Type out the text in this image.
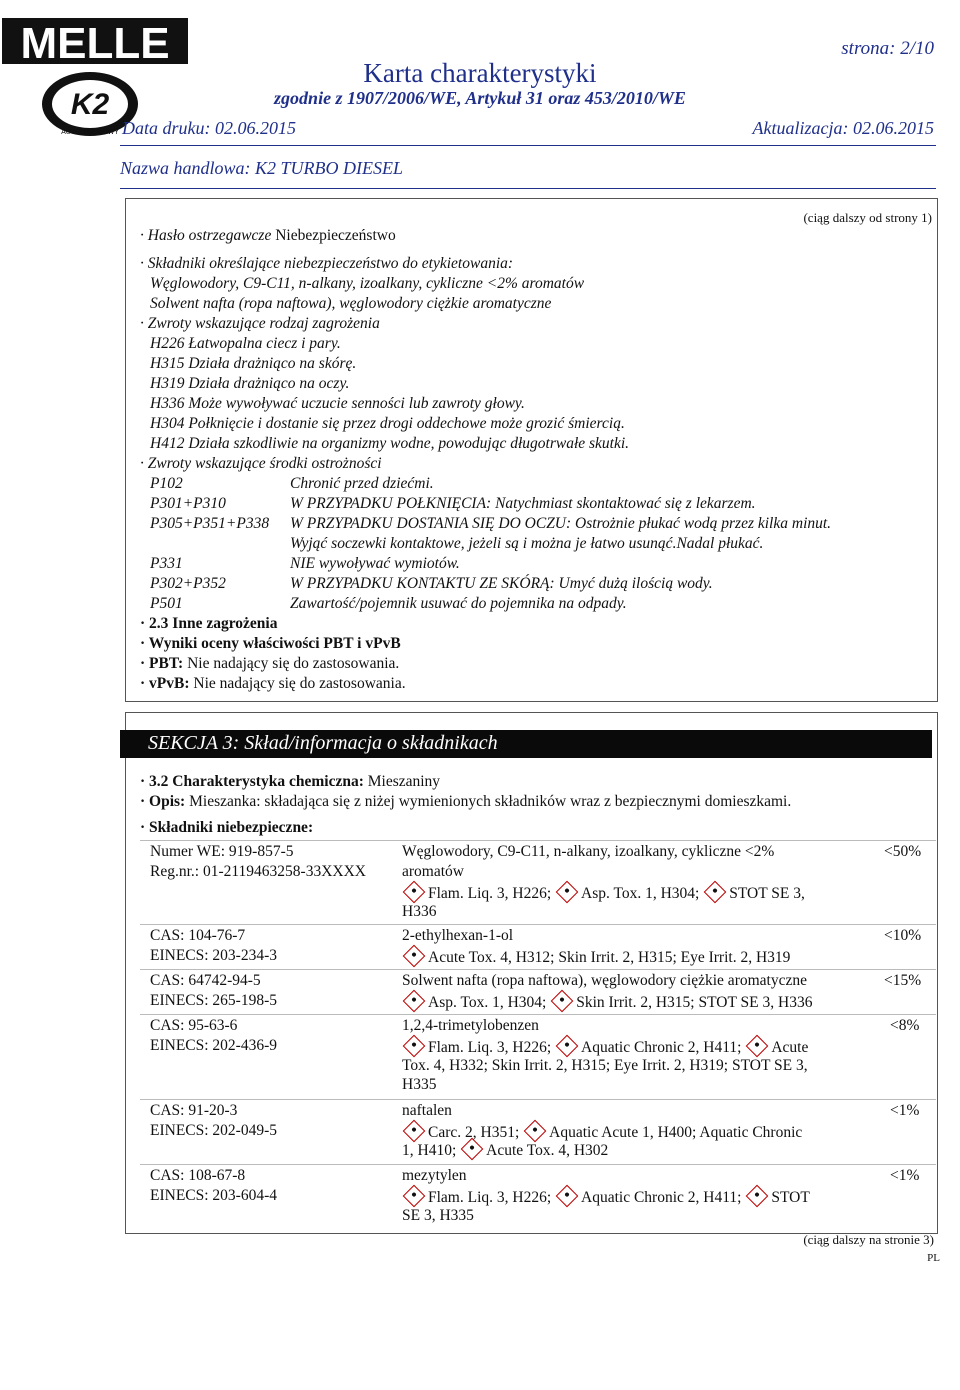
MELLE
K2
AUTO JAK NOWY
strona: 2/10
Karta charakterystyki
zgodnie z 1907/2006/WE, Artykuł 31 oraz 453/2010/WE
Data druku: 02.06.2015	Aktualizacja: 02.06.2015
Nazwa handlowa: K2 TURBO DIESEL
(ciąg dalszy od strony 1)
· Hasło ostrzegawcze Niebezpieczeństwo
· Składniki określające niebezpieczeństwo do etykietowania:
Węglowodory, C9-C11, n-alkany, izoalkany, cykliczne <2% aromatów
Solwent nafta (ropa naftowa), węglowodory ciężkie aromatyczne
· Zwroty wskazujące rodzaj zagrożenia
H226 Łatwopalna ciecz i pary.
H315 Działa drażniąco na skórę.
H319 Działa drażniąco na oczy.
H336 Może wywoływać uczucie senności lub zawroty głowy.
H304 Połknięcie i dostanie się przez drogi oddechowe może grozić śmiercią.
H412 Działa szkodliwie na organizmy wodne, powodując długotrwałe skutki.
· Zwroty wskazujące środki ostrożności
P102	Chronić przed dziećmi.
P301+P310	W PRZYPADKU POŁKNIĘCIA: Natychmiast skontaktować się z lekarzem.
P305+P351+P338 W PRZYPADKU DOSTANIA SIĘ DO OCZU: Ostrożnie płukać wodą przez kilka minut.
Wyjąć soczewki kontaktowe, jeżeli są i można je łatwo usunąć.Nadal płukać.
P331	NIE wywoływać wymiotów.
P302+P352	W PRZYPADKU KONTAKTU ZE SKÓRĄ: Umyć dużą ilością wody.
P501	Zawartość/pojemnik usuwać do pojemnika na odpady.
· 2.3 Inne zagrożenia
· Wyniki oceny właściwości PBT i vPvB
· PBT: Nie nadający się do zastosowania.
· vPvB: Nie nadający się do zastosowania.
SEKCJA 3: Skład/informacja o składnikach
· 3.2 Charakterystyka chemiczna: Mieszaniny
· Opis: Mieszanka: składająca się z niżej wymienionych składników wraz z bezpiecznymi domieszkami.
· Składniki niebezpieczne:
Numer WE: 919-857-5
Reg.nr.: 01-2119463258-33XXXX
Węglowodory, C9-C11, n-alkany, izoalkany, cykliczne <2%
aromatów
Flam. Liq. 3, H226; Asp. Tox. 1, H304; STOT SE 3,
H336
<50%
CAS: 104-76-7
EINECS: 203-234-3
2-ethylhexan-1-ol
Acute Tox. 4, H312; Skin Irrit. 2, H315; Eye Irrit. 2, H319
<10%
CAS: 64742-94-5
EINECS: 265-198-5
Solwent nafta (ropa naftowa), węglowodory ciężkie aromatyczne
Asp. Tox. 1, H304; Skin Irrit. 2, H315; STOT SE 3, H336
<15%
CAS: 95-63-6
EINECS: 202-436-9
1,2,4-trimetylobenzen
Flam. Liq. 3, H226; Aquatic Chronic 2, H411; Acute
Tox. 4, H332; Skin Irrit. 2, H315; Eye Irrit. 2, H319; STOT SE 3,
H335
<8%
CAS: 91-20-3
EINECS: 202-049-5
naftalen
Carc. 2, H351; Aquatic Acute 1, H400; Aquatic Chronic
1, H410; Acute Tox. 4, H302
<1%
CAS: 108-67-8
EINECS: 203-604-4
mezytylen
Flam. Liq. 3, H226; Aquatic Chronic 2, H411; STOT
SE 3, H335
<1%
(ciąg dalszy na stronie 3)
PL
